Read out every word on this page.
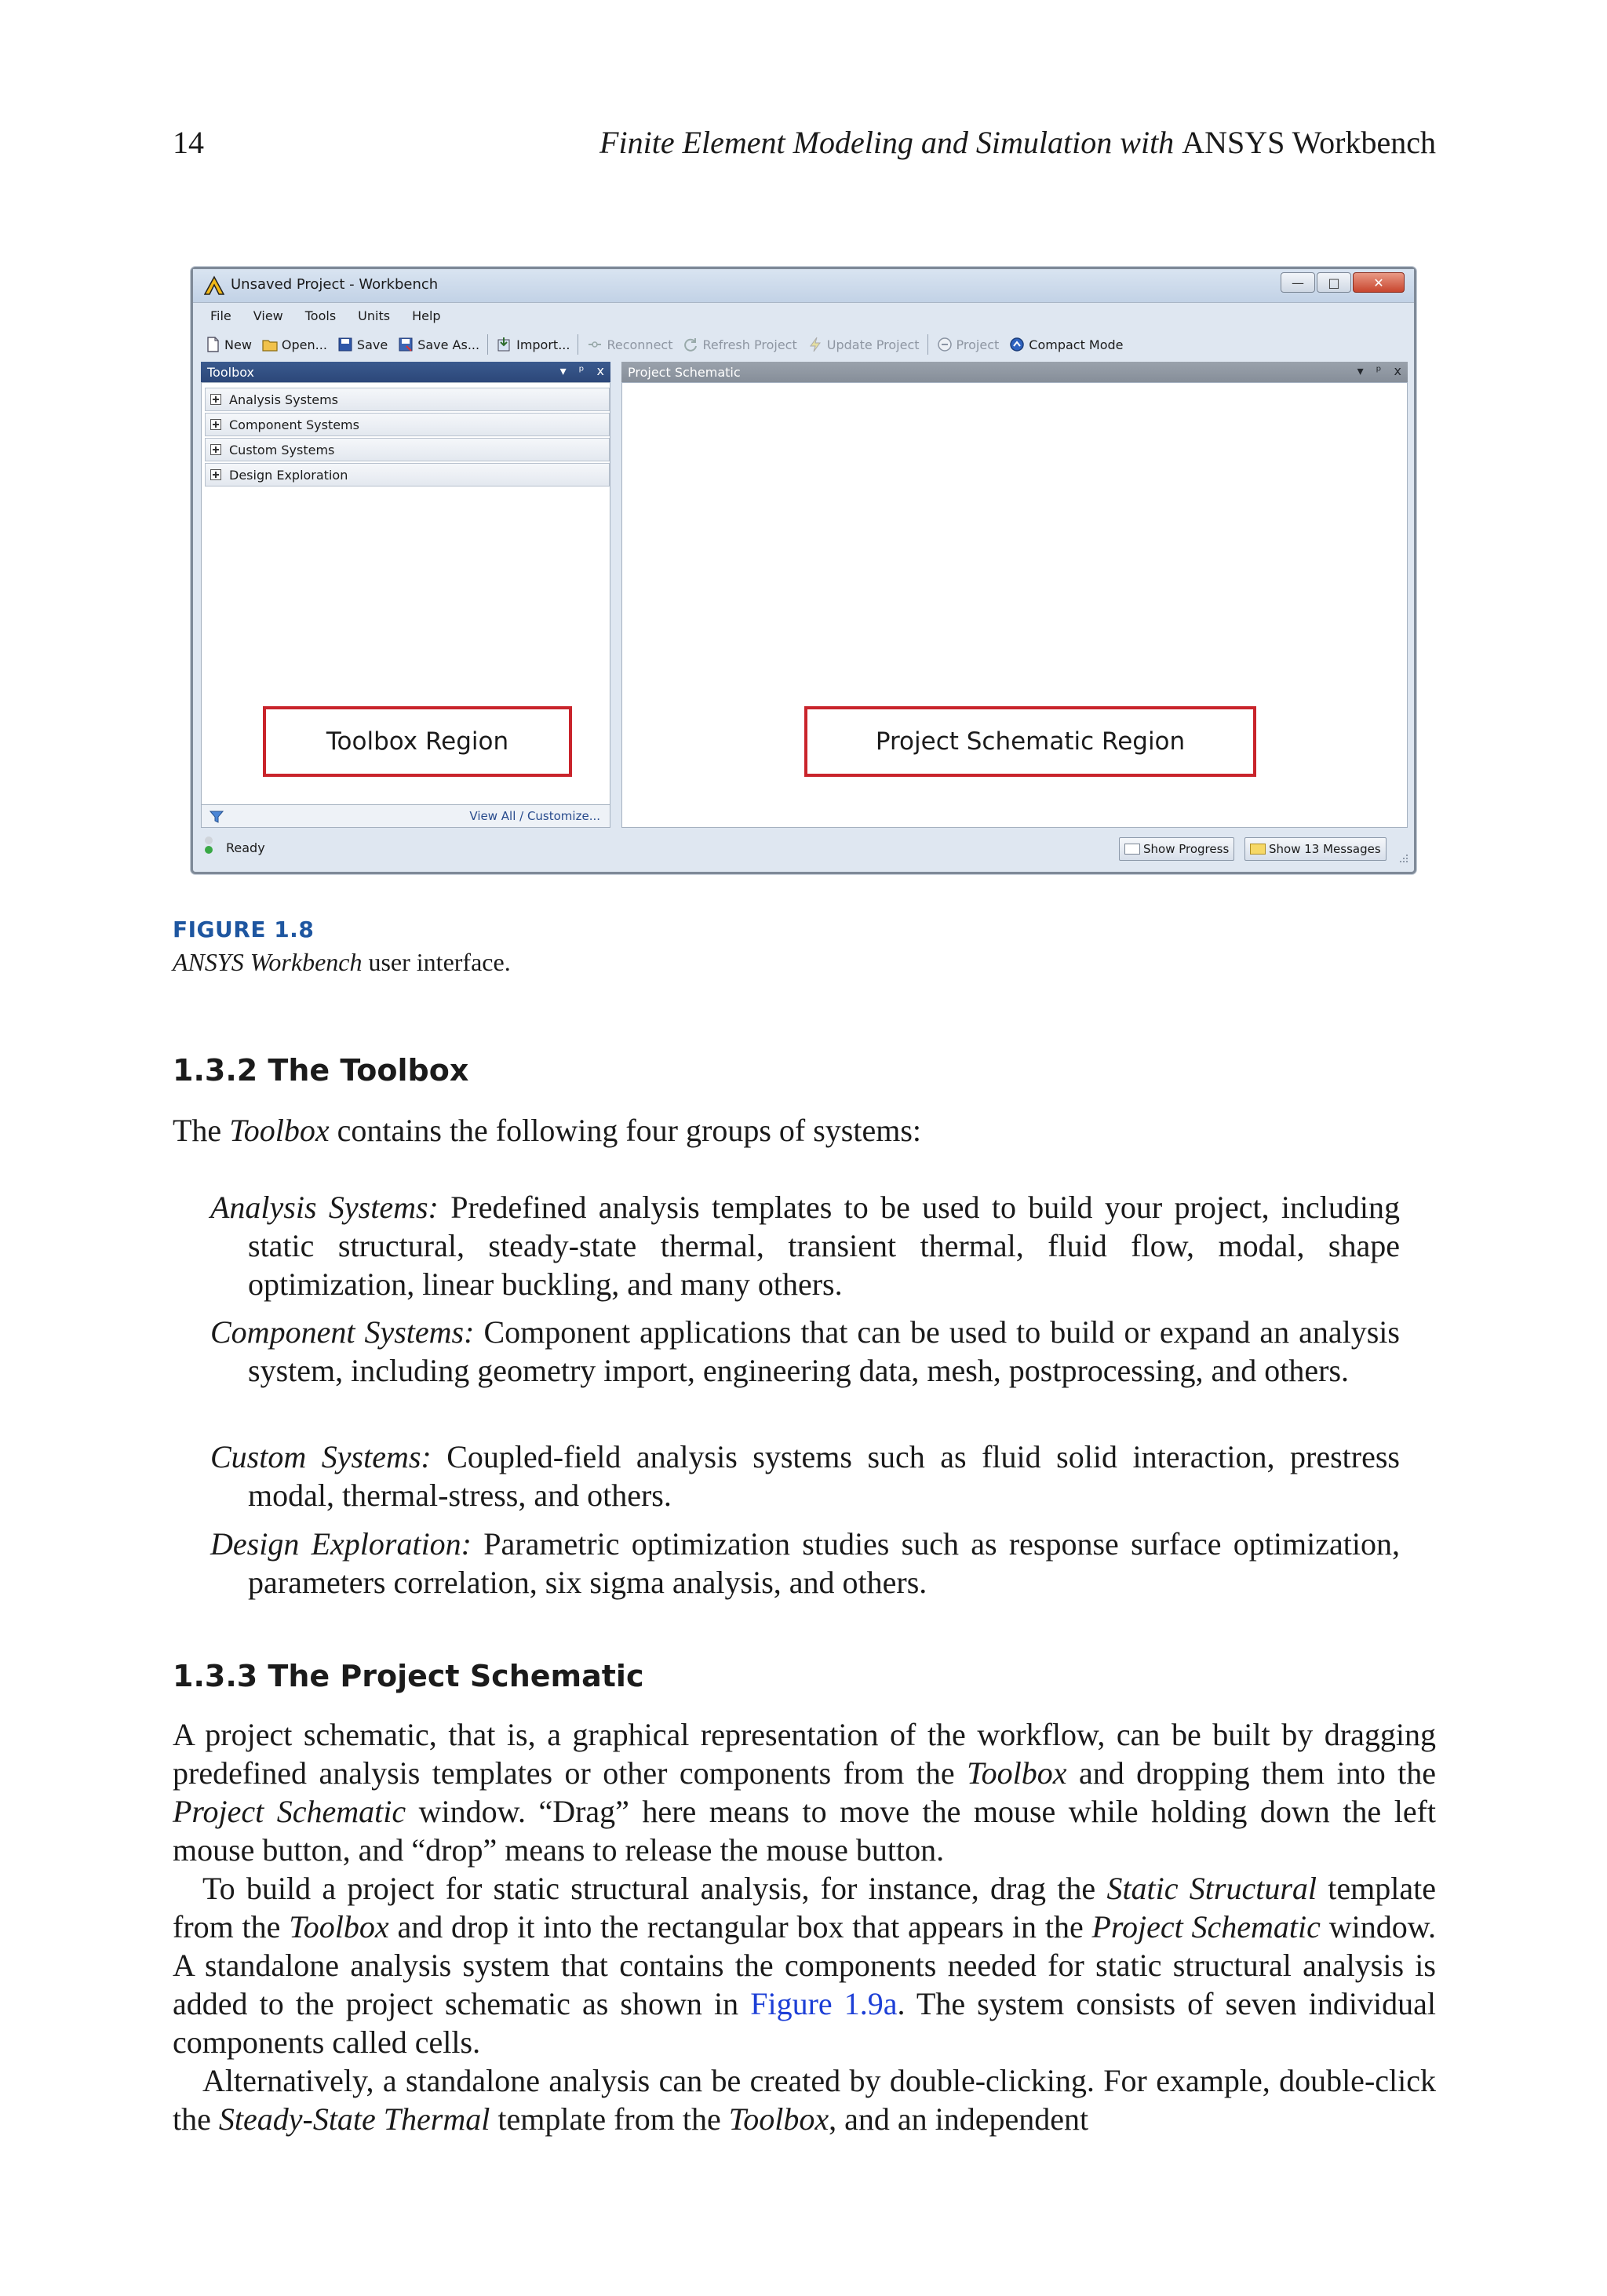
14	Finite Element Modeling and Simulation with ANSYS Workbench
Unsaved Project - Workbench	—	□	✕
File	View	Tools	Units	Help
New Open... Save Save As...	Import...	Reconnect Refresh Project Update Project	Project Compact Mode
Toolbox	▾ ᵖ x
Analysis Systems
Component Systems
Custom Systems
Design Exploration
Toolbox Region
View All / Customize...
Project Schematic	▾ ᵖ x
Project Schematic Region
Ready	Show Progress	Show 13 Messages
FIGURE 1.8
ANSYS Workbench user interface.
1.3.2 The Toolbox

The Toolbox contains the following four groups of systems:

Analysis Systems: Predefined analysis templates to be used to build your project, including static structural, steady-state thermal, transient thermal, fluid flow, modal, shape optimization, linear buckling, and many others.

Component Systems: Component applications that can be used to build or expand an analysis system, including geometry import, engineering data, mesh, postprocessing, and others.

Custom Systems: Coupled-field analysis systems such as fluid solid interaction, prestress modal, thermal-stress, and others.

Design Exploration: Parametric optimization studies such as response surface optimization, parameters correlation, six sigma analysis, and others.

1.3.3 The Project Schematic

A project schematic, that is, a graphical representation of the workflow, can be built by dragging predefined analysis templates or other components from the Toolbox and dropping them into the Project Schematic window. “Drag” here means to move the mouse while holding down the left mouse button, and “drop” means to release the mouse button.

To build a project for static structural analysis, for instance, drag the Static Structural template from the Toolbox and drop it into the rectangular box that appears in the Project Schematic window. A standalone analysis system that contains the components needed for static structural analysis is added to the project schematic as shown in Figure 1.9a. The system consists of seven individual components called cells.

Alternatively, a standalone analysis can be created by double-clicking. For example, double-click the Steady-State Thermal template from the Toolbox, and an independent
